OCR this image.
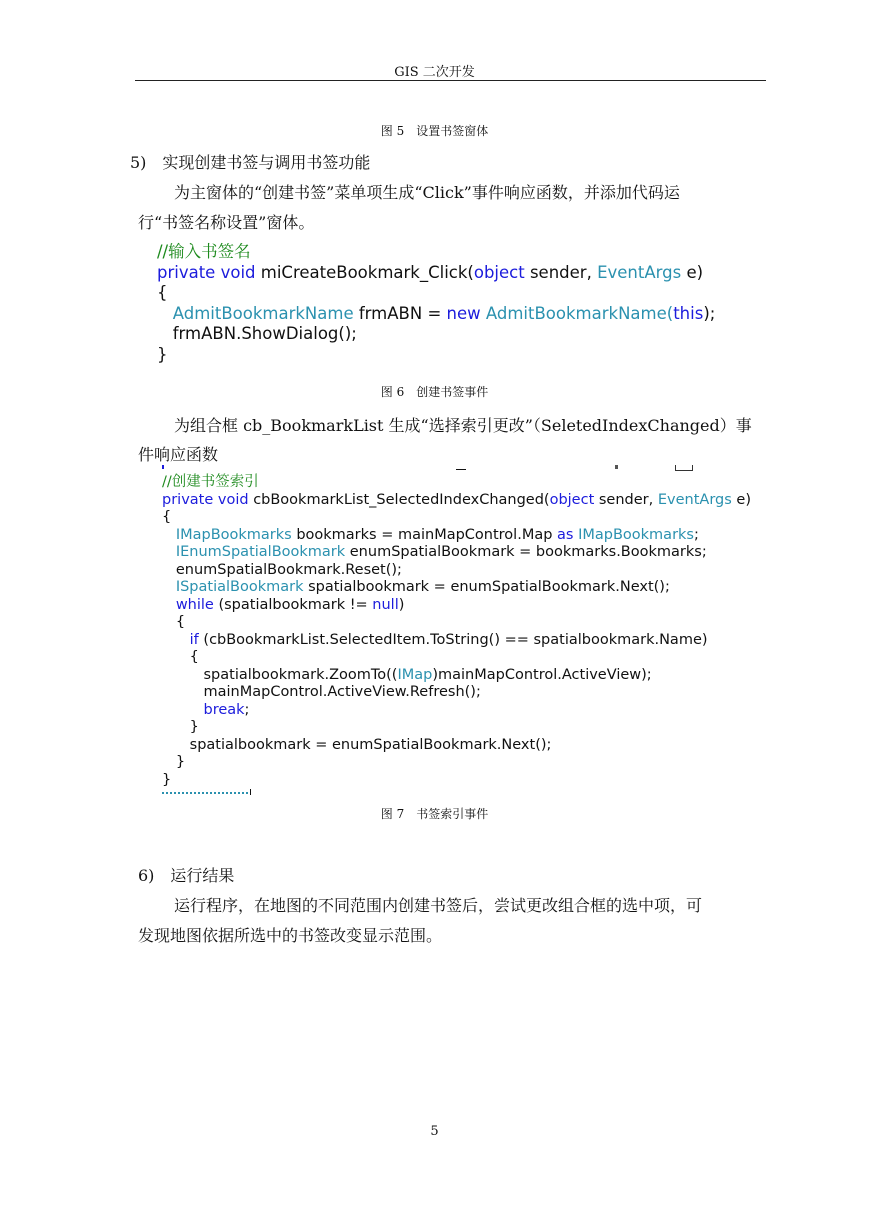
GIS 二次开发
图 5　设置书签窗体
5)　实现创建书签与调用书签功能
为主窗体的“创建书签”菜单项生成“Click”事件响应函数，并添加代码运
行“书签名称设置”窗体。
//输入书签名
private void miCreateBookmark_Click(object sender, EventArgs e)
{
AdmitBookmarkName frmABN = new AdmitBookmarkName(this);
frmABN.ShowDialog();
}
图 6　创建书签事件
为组合框 cb_BookmarkList 生成“选择索引更改”（SeletedIndexChanged）事
件响应函数
//创建书签索引
private void cbBookmarkList_SelectedIndexChanged(object sender, EventArgs e)
{
IMapBookmarks bookmarks = mainMapControl.Map as IMapBookmarks;
IEnumSpatialBookmark enumSpatialBookmark = bookmarks.Bookmarks;
enumSpatialBookmark.Reset();
ISpatialBookmark spatialbookmark = enumSpatialBookmark.Next();
while (spatialbookmark != null)
{
if (cbBookmarkList.SelectedItem.ToString() == spatialbookmark.Name)
{
spatialbookmark.ZoomTo((IMap)mainMapControl.ActiveView);
mainMapControl.ActiveView.Refresh();
break;
}
spatialbookmark = enumSpatialBookmark.Next();
}
}
图 7　书签索引事件
6)　运行结果
运行程序，在地图的不同范围内创建书签后，尝试更改组合框的选中项，可
发现地图依据所选中的书签改变显示范围。
5
